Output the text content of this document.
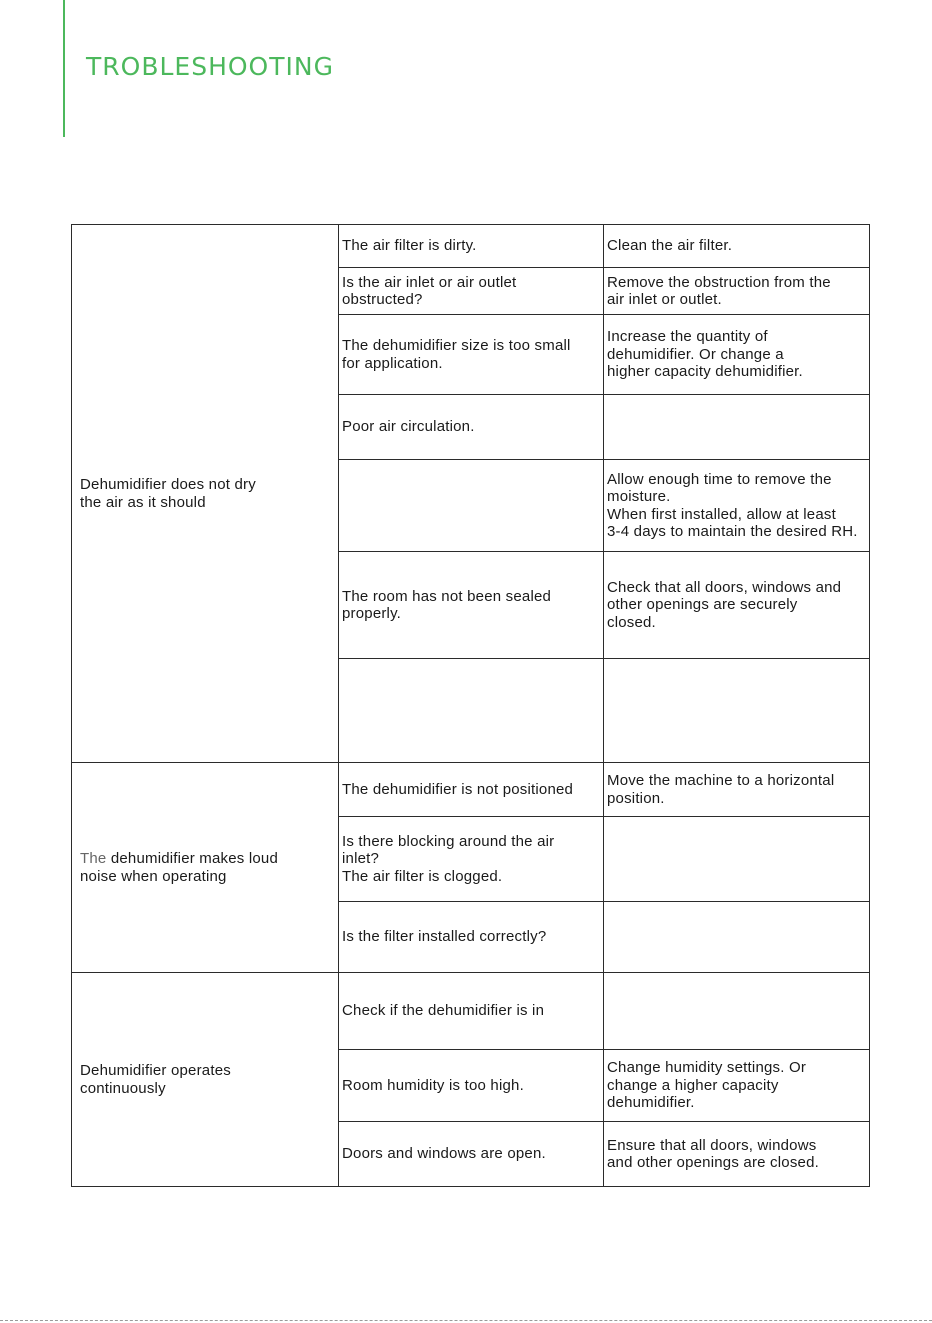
TROBLESHOOTING
Dehumidifier does not dry
the air as it should	The air filter is dirty.	Clean the air filter.
	Is the air inlet or air outlet
obstructed?	Remove the obstruction from the
air inlet or outlet.
	The dehumidifier size is too small
for application.	Increase the quantity of
dehumidifier. Or change a
higher capacity dehumidifier.
	Poor air circulation.	
		Allow enough time to remove the
moisture.
When first installed, allow at least
3-4 days to maintain the desired RH.
	The room has not been sealed
properly.	Check that all doors, windows and
other openings are securely
closed.

The dehumidifier makes loud
noise when operating	The dehumidifier is not positioned	Move the machine to a horizontal
position.
	Is there blocking around the air
inlet?
The air filter is clogged.	
	Is the filter installed correctly?	
Dehumidifier operates
continuously	Check if the dehumidifier is in	
	Room humidity is too high.	Change humidity settings. Or
change a higher capacity
dehumidifier.
	Doors and windows are open.	Ensure that all doors, windows
and other openings are closed.
